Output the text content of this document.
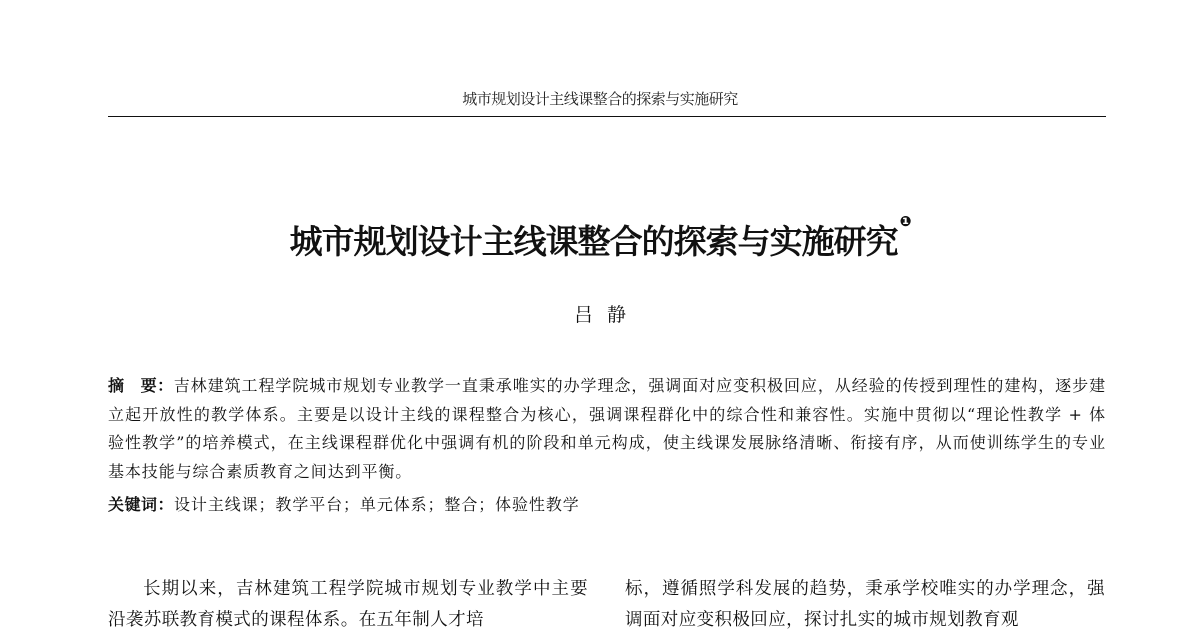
城市规划设计主线课整合的探索与实施研究
城市规划设计主线课整合的探索与实施研究 $^❶$
吕静
摘 要：吉林建筑工程学院城市规划专业教学一直秉承唯实的办学理念，强调面对应变积极回应，从经验的传授到理性的建构，逐步建立起开放性的教学体系。主要是以设计主线的课程整合为核心，强调课程群化中的综合性和兼容性。实施中贯彻以“理论性教学 + 体验性教学”的培养模式，在主线课程群优化中强调有机的阶段和单元构成，使主线课发展脉络清晰、衔接有序，从而使训练学生的专业基本技能与综合素质教育之间达到平衡。
关键词：设计主线课；教学平台；单元体系；整合；体验性教学
长期以来，吉林建筑工程学院城市规划专业教学中主要沿袭苏联教育模式的课程体系。在五年制人才培
标，遵循照学科发展的趋势，秉承学校唯实的办学理念，强调面对应变积极回应，探讨扎实的城市规划教育观
